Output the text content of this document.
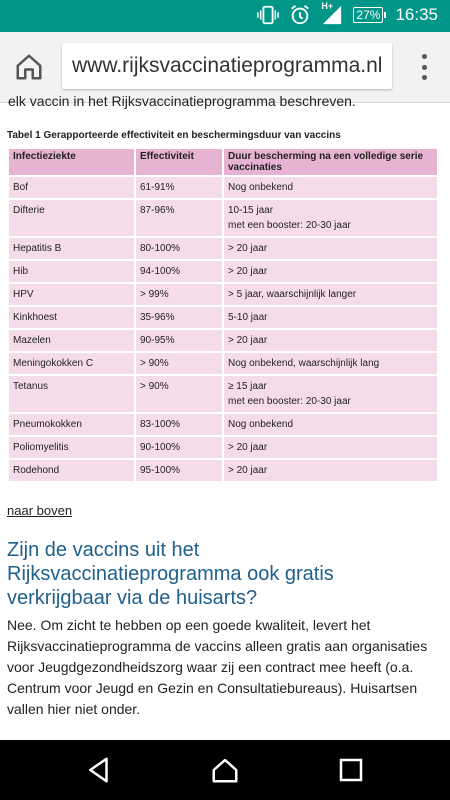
H+
27% 16:35
www.rijksvaccinatieprogramma.nl
elk vaccin in het Rijksvaccinatieprogramma beschreven.
Tabel 1 Gerapporteerde effectiviteit en beschermingsduur van vaccins
Infectieziekte	Effectiviteit	Duur bescherming na een volledige serie vaccinaties
Bof	61-91%	Nog onbekend
Difterie	87-96%	10-15 jaar
met een booster: 20-30 jaar
Hepatitis B	80-100%	> 20 jaar
Hib	94-100%	> 20 jaar
HPV	> 99%	> 5 jaar, waarschijnlijk langer
Kinkhoest	35-96%	5-10 jaar
Mazelen	90-95%	> 20 jaar
Meningokokken C	> 90%	Nog onbekend, waarschijnlijk lang
Tetanus	> 90%	≥ 15 jaar
met een booster: 20-30 jaar
Pneumokokken	83-100%	Nog onbekend
Poliomyelitis	90-100%	> 20 jaar
Rodehond	95-100%	> 20 jaar
naar boven
Zijn de vaccins uit het Rijksvaccinatieprogramma ook gratis verkrijgbaar via de huisarts?

Nee. Om zicht te hebben op een goede kwaliteit, levert het Rijksvaccinatieprogramma de vaccins alleen gratis aan organisaties voor Jeugdgezondheidszorg waar zij een contract mee heeft (o.a. Centrum voor Jeugd en Gezin en Consultatiebureaus). Huisartsen vallen hier niet onder.
